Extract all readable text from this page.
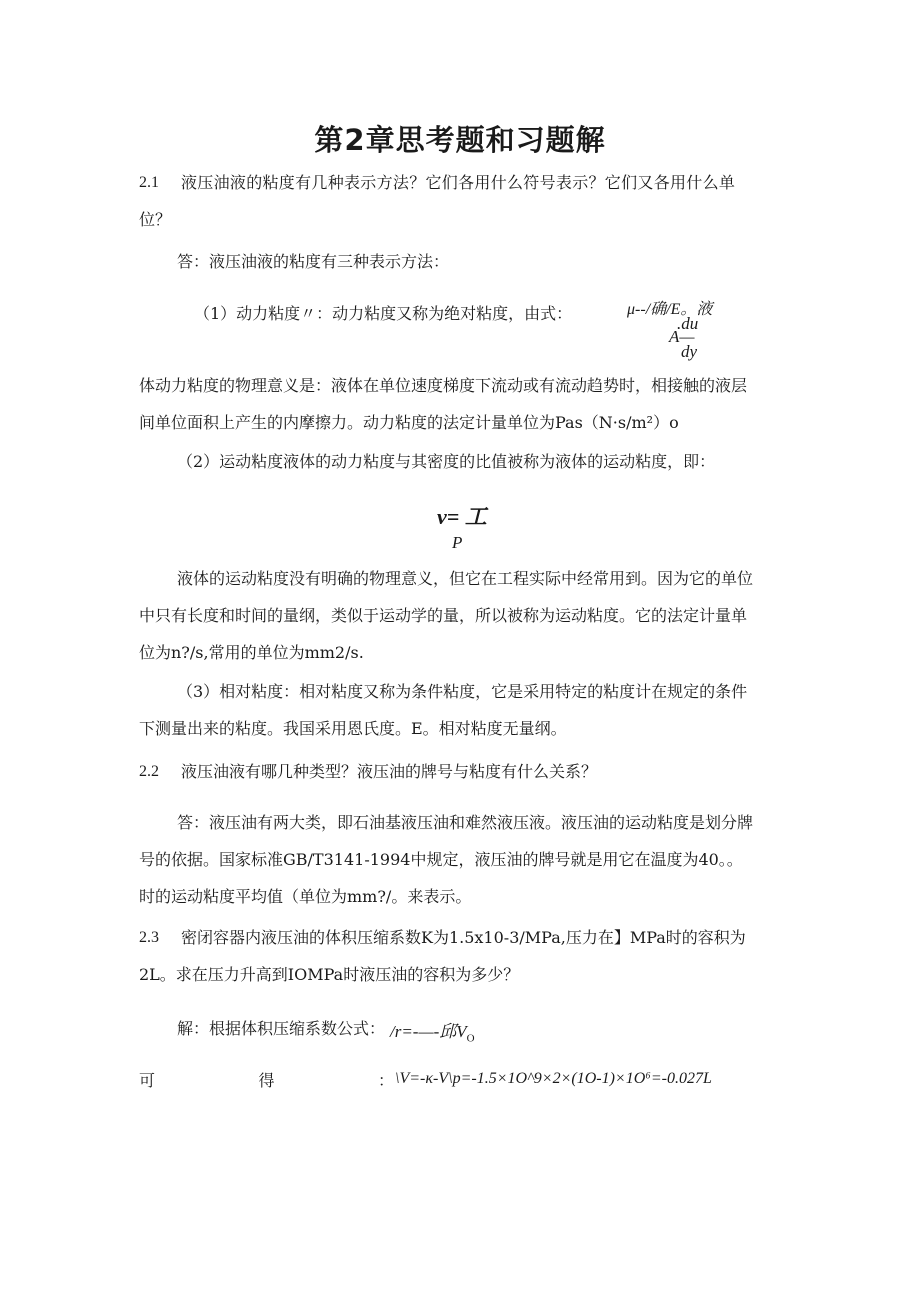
第2章思考题和习题解
2.1 液压油液的粘度有几种表示方法？它们各用什么符号表示？它们又各用什么单
位？
答：液压油液的粘度有三种表示方法：
（1）动力粘度〃：动力粘度又称为绝对粘度，由式：	μ--/确/E。液
.du
A—
dy
体动力粘度的物理意义是：液体在单位速度梯度下流动或有流动趋势时，相接触的液层
间单位面积上产生的内摩擦力。动力粘度的法定计量单位为Pas（N·s∕m²）o
（2）运动粘度液体的动力粘度与其密度的比值被称为液体的运动粘度，即：
v= 工
P
液体的运动粘度没有明确的物理意义，但它在工程实际中经常用到。因为它的单位
中只有长度和时间的量纲，类似于运动学的量，所以被称为运动粘度。它的法定计量单
位为n?/s,常用的单位为mm2∕s.
（3）相对粘度：相对粘度又称为条件粘度，它是采用特定的粘度计在规定的条件
下测量出来的粘度。我国采用恩氏度。E。相对粘度无量纲。
2.2 液压油液有哪几种类型？液压油的牌号与粘度有什么关系？
答：液压油有两大类，即石油基液压油和难然液压液。液压油的运动粘度是划分牌
号的依据。国家标准GB/T3141-1994中规定，液压油的牌号就是用它在温度为40。。
时的运动粘度平均值（单位为mm?/。来表示。
2.3 密闭容器内液压油的体积压缩系数K为1.5x10-3/MPa,压力在】MPa时的容积为
2L。求在压力升高到IOMPa时液压油的容积为多少？
解：根据体积压缩系数公式： /r=-—-邱$V_O$
可	得	： \V=-κ-V\p=-1.5×1O^9×2×(1O-1)×1O⁶=-0.027L
